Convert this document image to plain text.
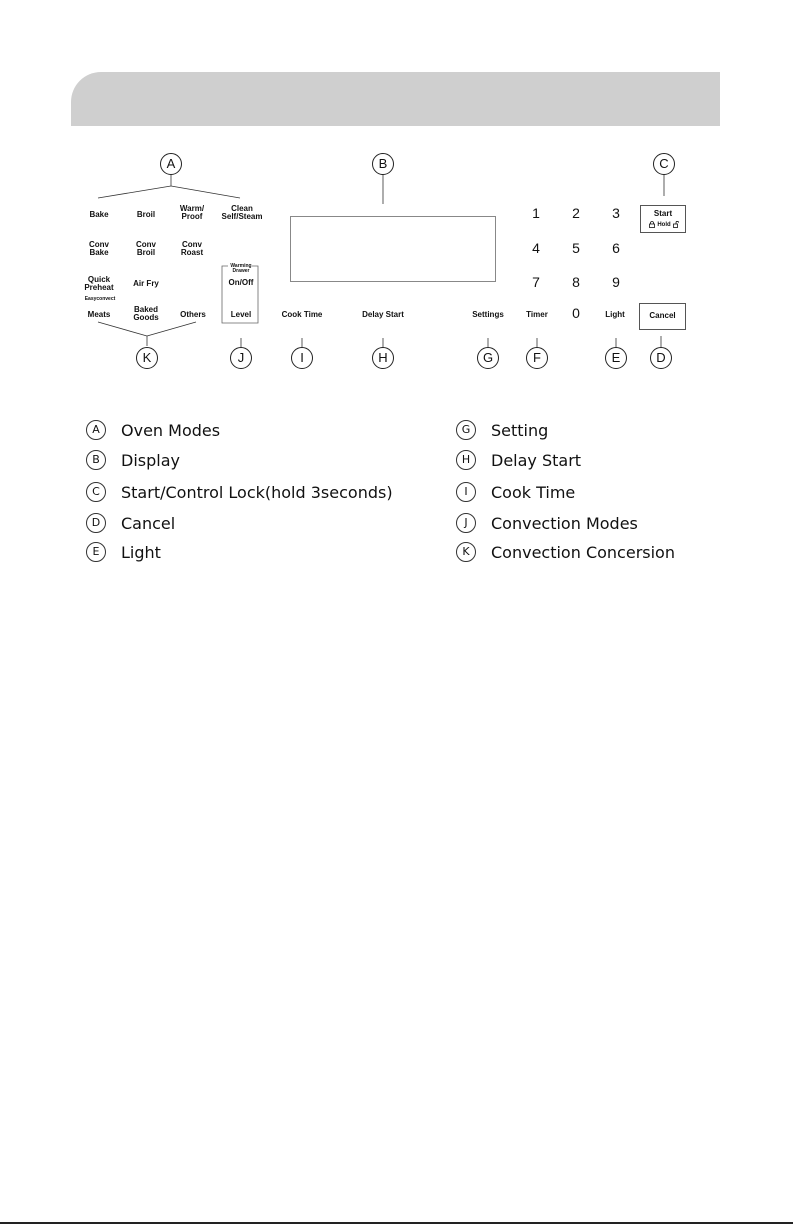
A	B	C
K	J	I	H	G	F	E	D
Bake	Broil
Warm/
Proof
Clean
Self/Steam
Conv
Bake
Conv
Broil
Conv
Roast
Quick
Preheat	Air Fry
Easyconvect
Meats
Baked
Goods	Others
Warming
Drawer
On/Off
Level	Cook Time	Delay Start	Settings	Timer	0	Light
1	2	3
4	5	6
7	8	9
Start
Hold
Cancel
A	Oven Modes
B	Display
C	Start/Control Lock(hold 3seconds)
D	Cancel
E	Light
G	Setting
H	Delay Start
I	Cook Time
J	Convection Modes
K	Convection Concersion
